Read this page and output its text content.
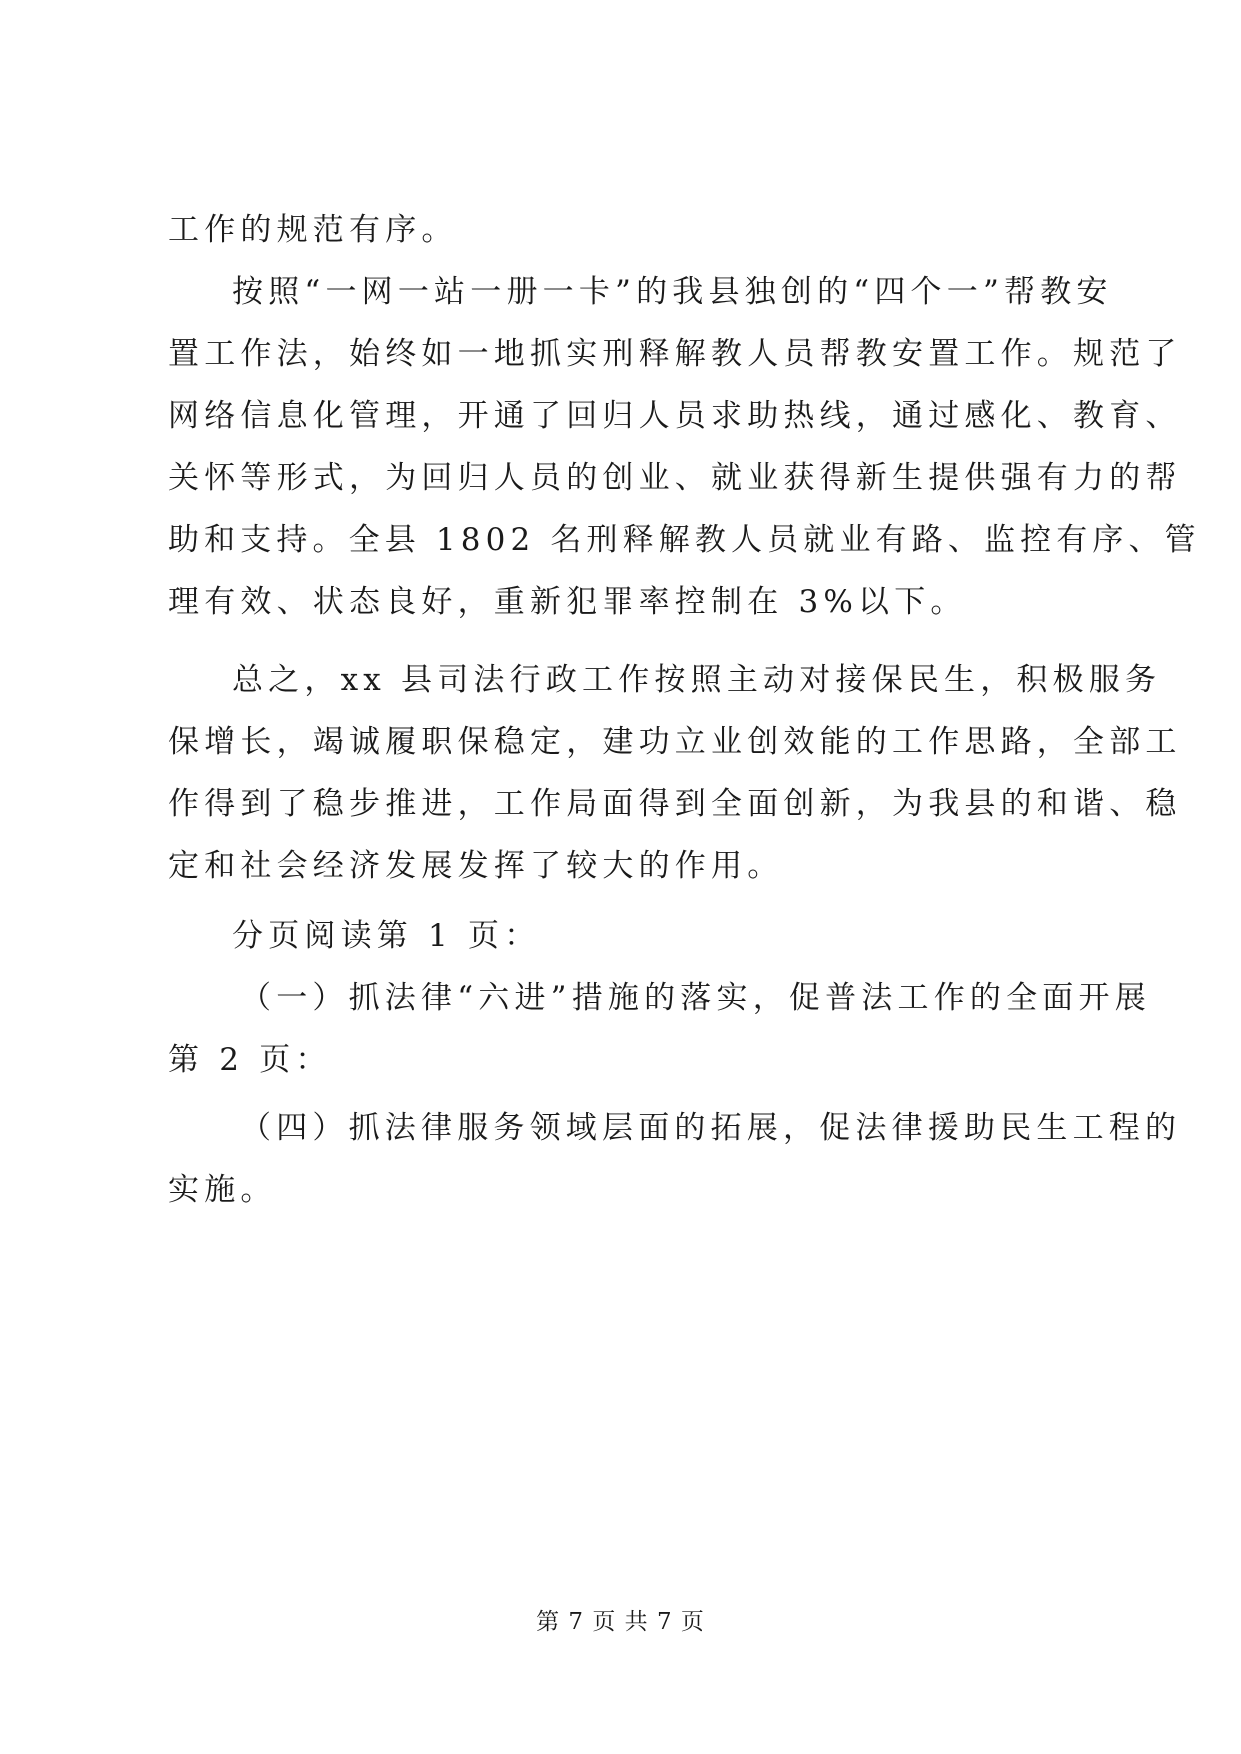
工作的规范有序。
按照“一网一站一册一卡”的我县独创的“四个一”帮教安
置工作法，始终如一地抓实刑释解教人员帮教安置工作。规范了
网络信息化管理，开通了回归人员求助热线，通过感化、教育、
关怀等形式，为回归人员的创业、就业获得新生提供强有力的帮
助和支持。全县 1802 名刑释解教人员就业有路、监控有序、管
理有效、状态良好，重新犯罪率控制在 3%以下。
总之，xx 县司法行政工作按照主动对接保民生，积极服务
保增长，竭诚履职保稳定，建功立业创效能的工作思路，全部工
作得到了稳步推进，工作局面得到全面创新，为我县的和谐、稳
定和社会经济发展发挥了较大的作用。
分页阅读第 1 页：
（一）抓法律“六进”措施的落实，促普法工作的全面开展
第 2 页：
（四）抓法律服务领域层面的拓展，促法律援助民生工程的
实施。
第 7 页 共 7 页
